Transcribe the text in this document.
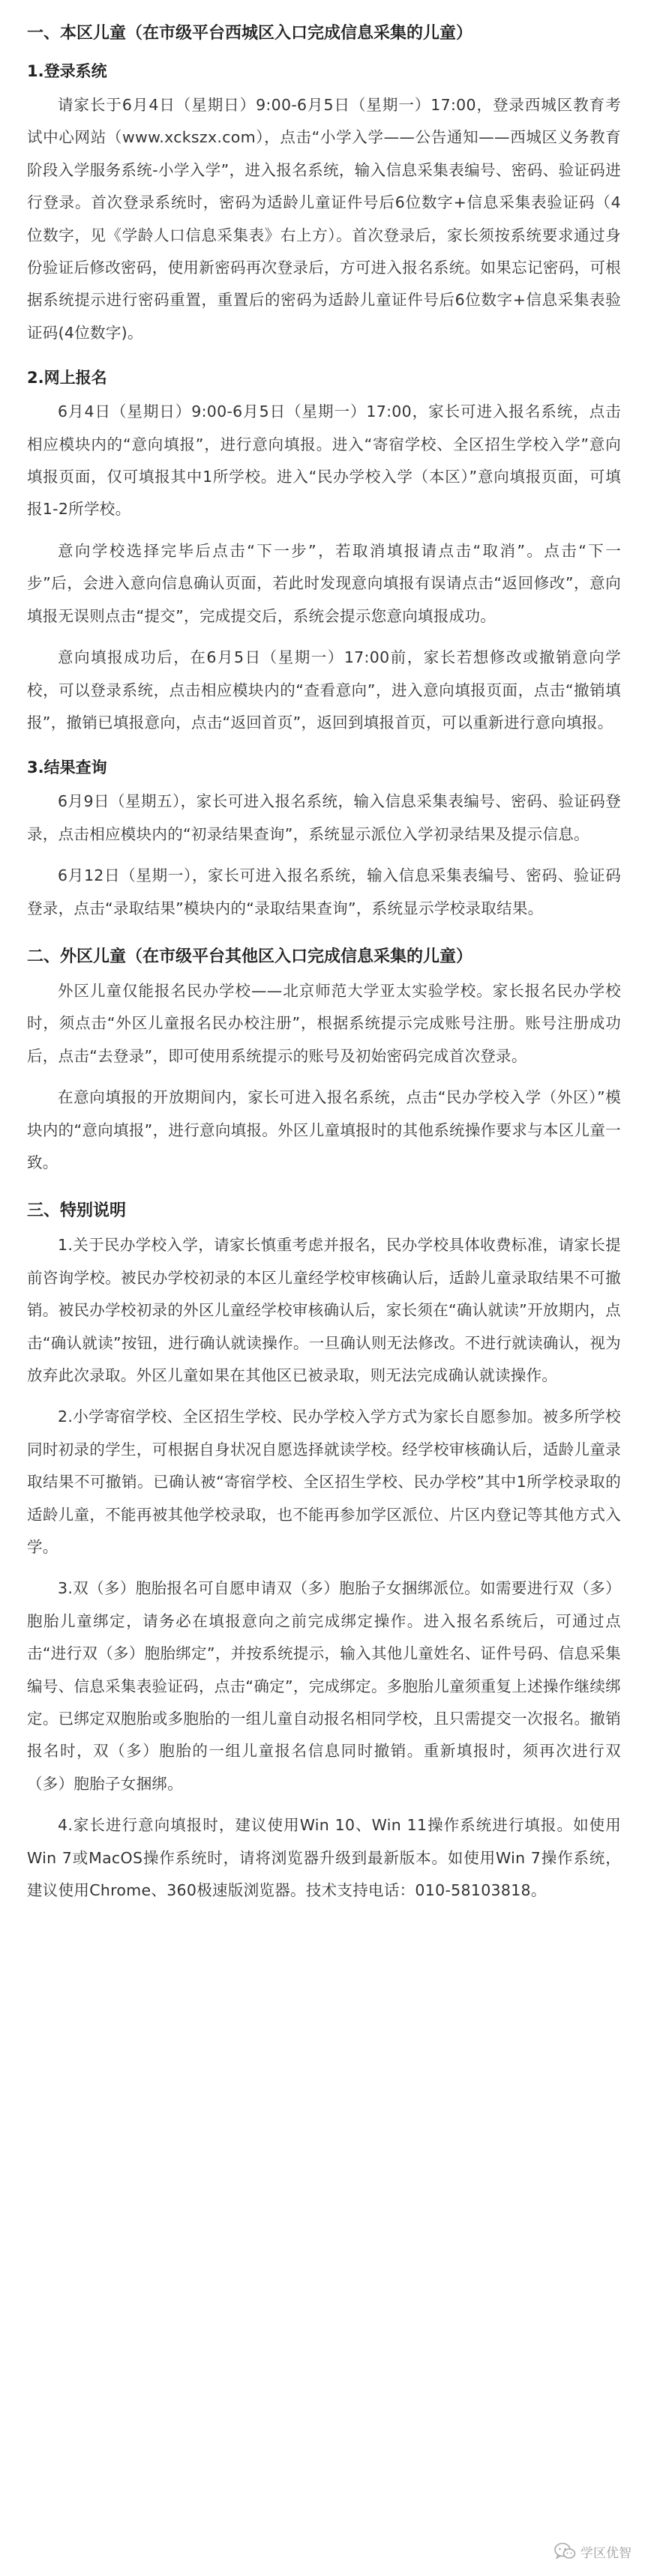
一、本区儿童（在市级平台西城区入口完成信息采集的儿童）
1.登录系统

请家长于6月4日（星期日）9:00-6月5日（星期一）17:00，登录西城区教育考试中心网站（www.xckszx.com），点击“小学入学——公告通知——西城区义务教育阶段入学服务系统-小学入学”，进入报名系统，输入信息采集表编号、密码、验证码进行登录。首次登录系统时，密码为适龄儿童证件号后6位数字+信息采集表验证码（4位数字，见《学龄人口信息采集表》右上方）。首次登录后，家长须按系统要求通过身份验证后修改密码，使用新密码再次登录后，方可进入报名系统。如果忘记密码，可根据系统提示进行密码重置，重置后的密码为适龄儿童证件号后6位数字+信息采集表验证码(4位数字)。

2.网上报名

6月4日（星期日）9:00-6月5日（星期一）17:00，家长可进入报名系统，点击相应模块内的“意向填报”，进行意向填报。进入“寄宿学校、全区招生学校入学”意向填报页面，仅可填报其中1所学校。进入“民办学校入学（本区）”意向填报页面，可填报1-2所学校。

意向学校选择完毕后点击“下一步”，若取消填报请点击“取消”。点击“下一步”后，会进入意向信息确认页面，若此时发现意向填报有误请点击“返回修改”，意向填报无误则点击“提交”，完成提交后，系统会提示您意向填报成功。

意向填报成功后，在6月5日（星期一）17:00前，家长若想修改或撤销意向学校，可以登录系统，点击相应模块内的“查看意向”，进入意向填报页面，点击“撤销填报”，撤销已填报意向，点击“返回首页”，返回到填报首页，可以重新进行意向填报。

3.结果查询

6月9日（星期五），家长可进入报名系统，输入信息采集表编号、密码、验证码登录，点击相应模块内的“初录结果查询”，系统显示派位入学初录结果及提示信息。

6月12日（星期一），家长可进入报名系统，输入信息采集表编号、密码、验证码登录，点击“录取结果”模块内的“录取结果查询”，系统显示学校录取结果。

二、外区儿童（在市级平台其他区入口完成信息采集的儿童）

外区儿童仅能报名民办学校——北京师范大学亚太实验学校。家长报名民办学校时，须点击“外区儿童报名民办校注册”，根据系统提示完成账号注册。账号注册成功后，点击“去登录”，即可使用系统提示的账号及初始密码完成首次登录。

在意向填报的开放期间内，家长可进入报名系统，点击“民办学校入学（外区）”模块内的“意向填报”，进行意向填报。外区儿童填报时的其他系统操作要求与本区儿童一致。

三、特别说明

1.关于民办学校入学，请家长慎重考虑并报名，民办学校具体收费标准，请家长提前咨询学校。被民办学校初录的本区儿童经学校审核确认后，适龄儿童录取结果不可撤销。被民办学校初录的外区儿童经学校审核确认后，家长须在“确认就读”开放期内，点击“确认就读”按钮，进行确认就读操作。一旦确认则无法修改。不进行就读确认，视为放弃此次录取。外区儿童如果在其他区已被录取，则无法完成确认就读操作。

2.小学寄宿学校、全区招生学校、民办学校入学方式为家长自愿参加。被多所学校同时初录的学生，可根据自身状况自愿选择就读学校。经学校审核确认后，适龄儿童录取结果不可撤销。已确认被“寄宿学校、全区招生学校、民办学校”其中1所学校录取的适龄儿童，不能再被其他学校录取，也不能再参加学区派位、片区内登记等其他方式入学。

3.双（多）胞胎报名可自愿申请双（多）胞胎子女捆绑派位。如需要进行双（多）胞胎儿童绑定，请务必在填报意向之前完成绑定操作。进入报名系统后，可通过点击“进行双（多）胞胎绑定”，并按系统提示，输入其他儿童姓名、证件号码、信息采集编号、信息采集表验证码，点击“确定”，完成绑定。多胞胎儿童须重复上述操作继续绑定。已绑定双胞胎或多胞胎的一组儿童自动报名相同学校，且只需提交一次报名。撤销报名时，双（多）胞胎的一组儿童报名信息同时撤销。重新填报时，须再次进行双（多）胞胎子女捆绑。

4.家长进行意向填报时，建议使用Win 10、Win 11操作系统进行填报。如使用Win 7或MacOS操作系统时，请将浏览器升级到最新版本。如使用Win 7操作系统，建议使用Chrome、360极速版浏览器。技术支持电话：010-58103818。

学区优智
